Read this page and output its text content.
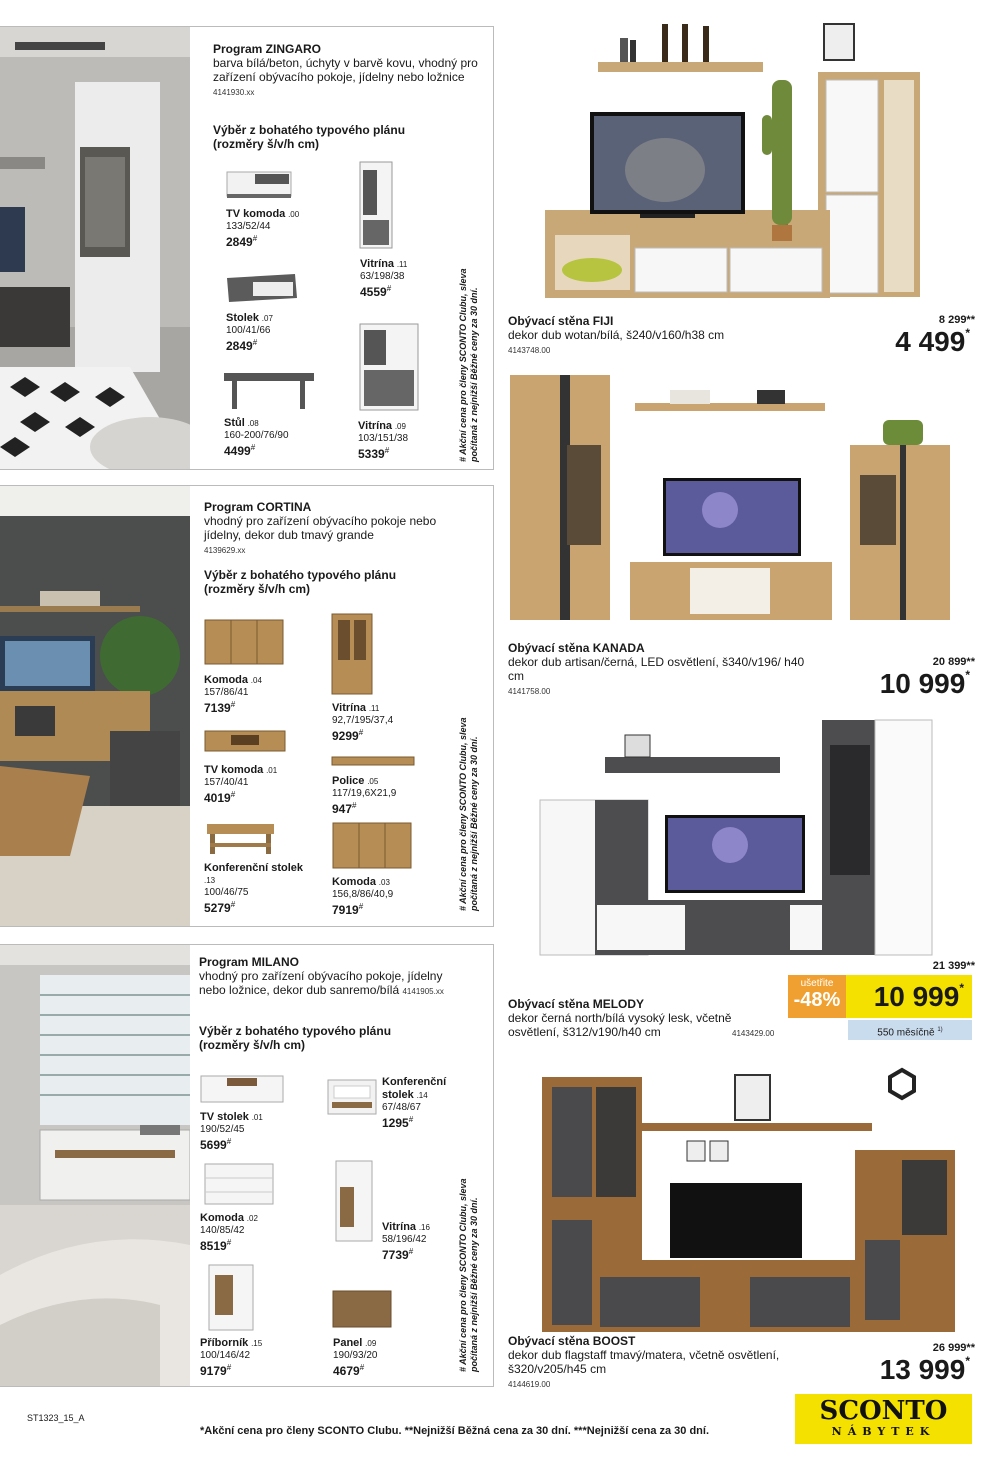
Program ZINGARO
barva bílá/beton, úchyty v barvě kovu, vhodný pro zařízení obývacího pokoje, jídelny nebo ložnice
4141930.xx
Výběr z bohatého typového plánu (rozměry š/v/h cm)
TV komoda .00
133/52/44
2849#
Vitrína .11
63/198/38
4559#
Stolek .07
100/41/66
2849#
Stůl .08
160-200/76/90
4499#
Vitrína .09
103/151/38
5339#	# Akční cena pro členy SCONTO Clubu, sleva
počítaná z nejnižší Běžné ceny za 30 dní.
Program CORTINA
vhodný pro zařízení obývacího pokoje nebo jídelny, dekor dub tmavý grande
4139629.xx
Výběr z bohatého typového plánu (rozměry š/v/h cm)
Komoda .04
157/86/41
7139#	Vitrína .11
92,7/195/37,4
9299#
TV komoda .01
157/40/41
4019#
Police .05
117/19,6X21,9
947#
Konferenční stolek .13
100/46/75
5279#
Komoda .03
156,8/86/40,9
7919#	# Akční cena pro členy SCONTO Clubu, sleva
počítaná z nejnižší Běžné ceny za 30 dní.
Program MILANO
vhodný pro zařízení obývacího pokoje, jídelny nebo ložnice, dekor dub sanremo/bílá 4141905.xx
Výběr z bohatého typového plánu (rozměry š/v/h cm)
TV stolek .01
190/52/45
5699#
Konferenční stolek .14
67/48/67
1295#
Komoda .02
140/85/42
8519#
Vitrína .16
58/196/42
7739#
Příborník .15
100/146/42
9179#
Panel .09
190/93/20
4679#	# Akční cena pro členy SCONTO Clubu, sleva
počítaná z nejnižší Běžné ceny za 30 dní.
Obývací stěna FIJI
dekor dub wotan/bílá, š240/v160/h38 cm
4143748.00
8 299**
4 499*
Obývací stěna KANADA
dekor dub artisan/černá, LED osvětlení, š340/v196/ h40 cm
4141758.00
20 899**
10 999*
21 399**
ušetřite
-48%	10 999*
550 měsíčně $^{1)}$
Obývací stěna MELODY
dekor černá north/bílá vysoký lesk, včetně osvětlení, š312/v190/h40 cm	4143429.00
Obývací stěna BOOST
dekor dub flagstaff tmavý/matera, včetně osvětlení, š320/v205/h45 cm
4144619.00
26 999**
13 999*
ST1323_15_A
*Akční cena pro členy SCONTO Clubu. **Nejnižší Běžná cena za 30 dní. ***Nejnižší cena za 30 dní.
SCONTO
NÁBYTEK
